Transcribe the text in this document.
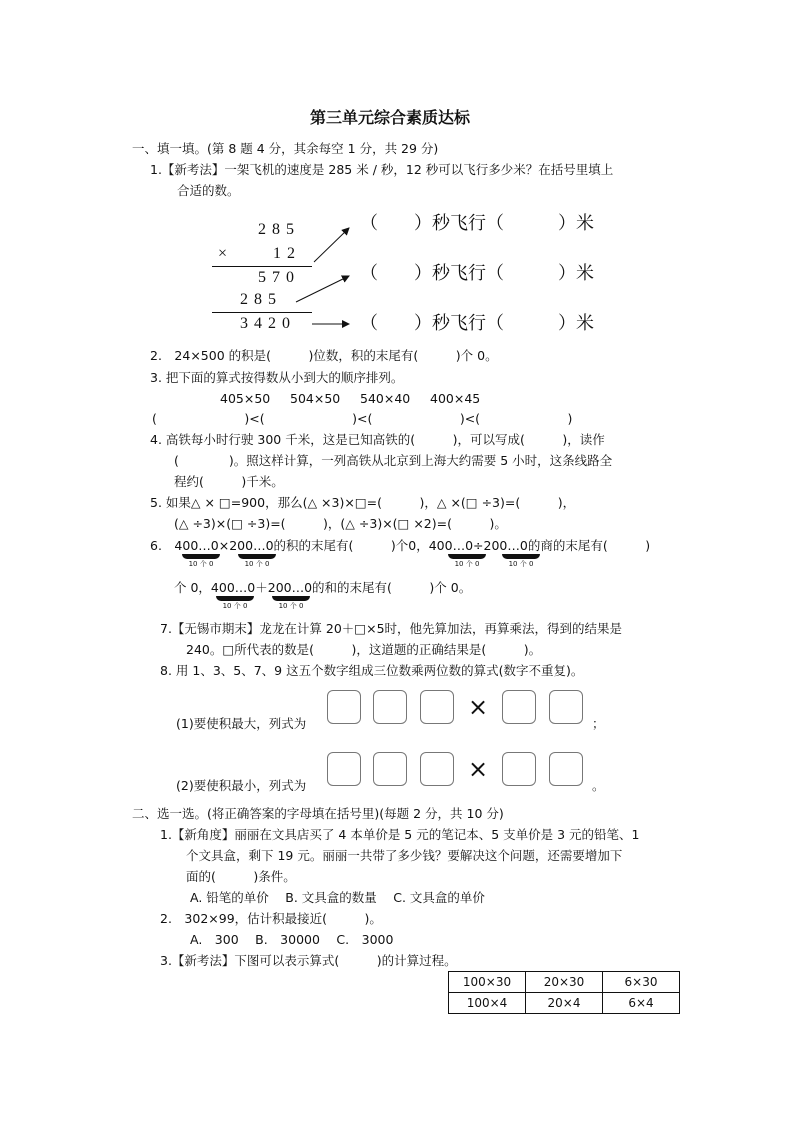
第三单元综合素质达标
一、填一填。(第 8 题 4 分，其余每空 1 分，共 29 分)
1.【新考法】一架飞机的速度是 285 米 / 秒，12 秒可以飞行多少米？在括号里填上
合适的数。
285
×    12
570
285
3420
（　　）秒飞行（　　　）米
（　　）秒飞行（　　　）米
（　　）秒飞行（　　　）米
2.　24×500 的积是(　　　)位数，积的末尾有(　　　)个 0。
3. 把下面的算式按得数从小到大的顺序排列。
405×50 504×50 540×40 400×45
(　　　　　　　)<(　　　　　　　)<(　　　　　　　)<(　　　　　　　)
4. 高铁每小时行驶 300 千米，这是已知高铁的(　　　)，可以写成(　　　)，读作
(　　　　)。照这样计算，一列高铁从北京到上海大约需要 5 小时，这条线路全
程约(　　　)千米。
5. 如果△ × □=900，那么(△ ×3)×□=(　　　)，△ ×(□ ÷3)=(　　　)，
(△ ÷3)×(□ ÷3)=(　　　)，(△ ÷3)×(□ ×2)=(　　　)。
6.　400…0×200…0的积的末尾有(　　　)个0，400…0÷200…0的商的末尾有(　　　)
10 个 0	10 个 0	10 个 0	10 个 0
个 0，400…0＋200…0的和的末尾有(　　　)个 0。
10 个 0	10 个 0
7.【无锡市期末】龙龙在计算 20＋□×5时，他先算加法，再算乘法，得到的结果是
240。□所代表的数是(　　　)，这道题的正确结果是(　　　)。
8. 用 1、3、5、7、9 这五个数字组成三位数乘两位数的算式(数字不重复)。
(1)要使积最大，列式为
×
；
(2)要使积最小，列式为
×
。
二、选一选。(将正确答案的字母填在括号里)(每题 2 分，共 10 分)
1.【新角度】丽丽在文具店买了 4 本单价是 5 元的笔记本、5 支单价是 3 元的铅笔、1
个文具盒，剩下 19 元。丽丽一共带了多少钱？要解决这个问题，还需要增加下
面的(　　　)条件。
A. 铅笔的单价　 B. 文具盒的数量　 C. 文具盒的单价
2.　302×99，估计积最接近(　　　)。
A.　300　 B.　30000　 C.　3000
3.【新考法】下图可以表示算式(　　　)的计算过程。
100×30	20×30	6×30
100×4	20×4	6×4
